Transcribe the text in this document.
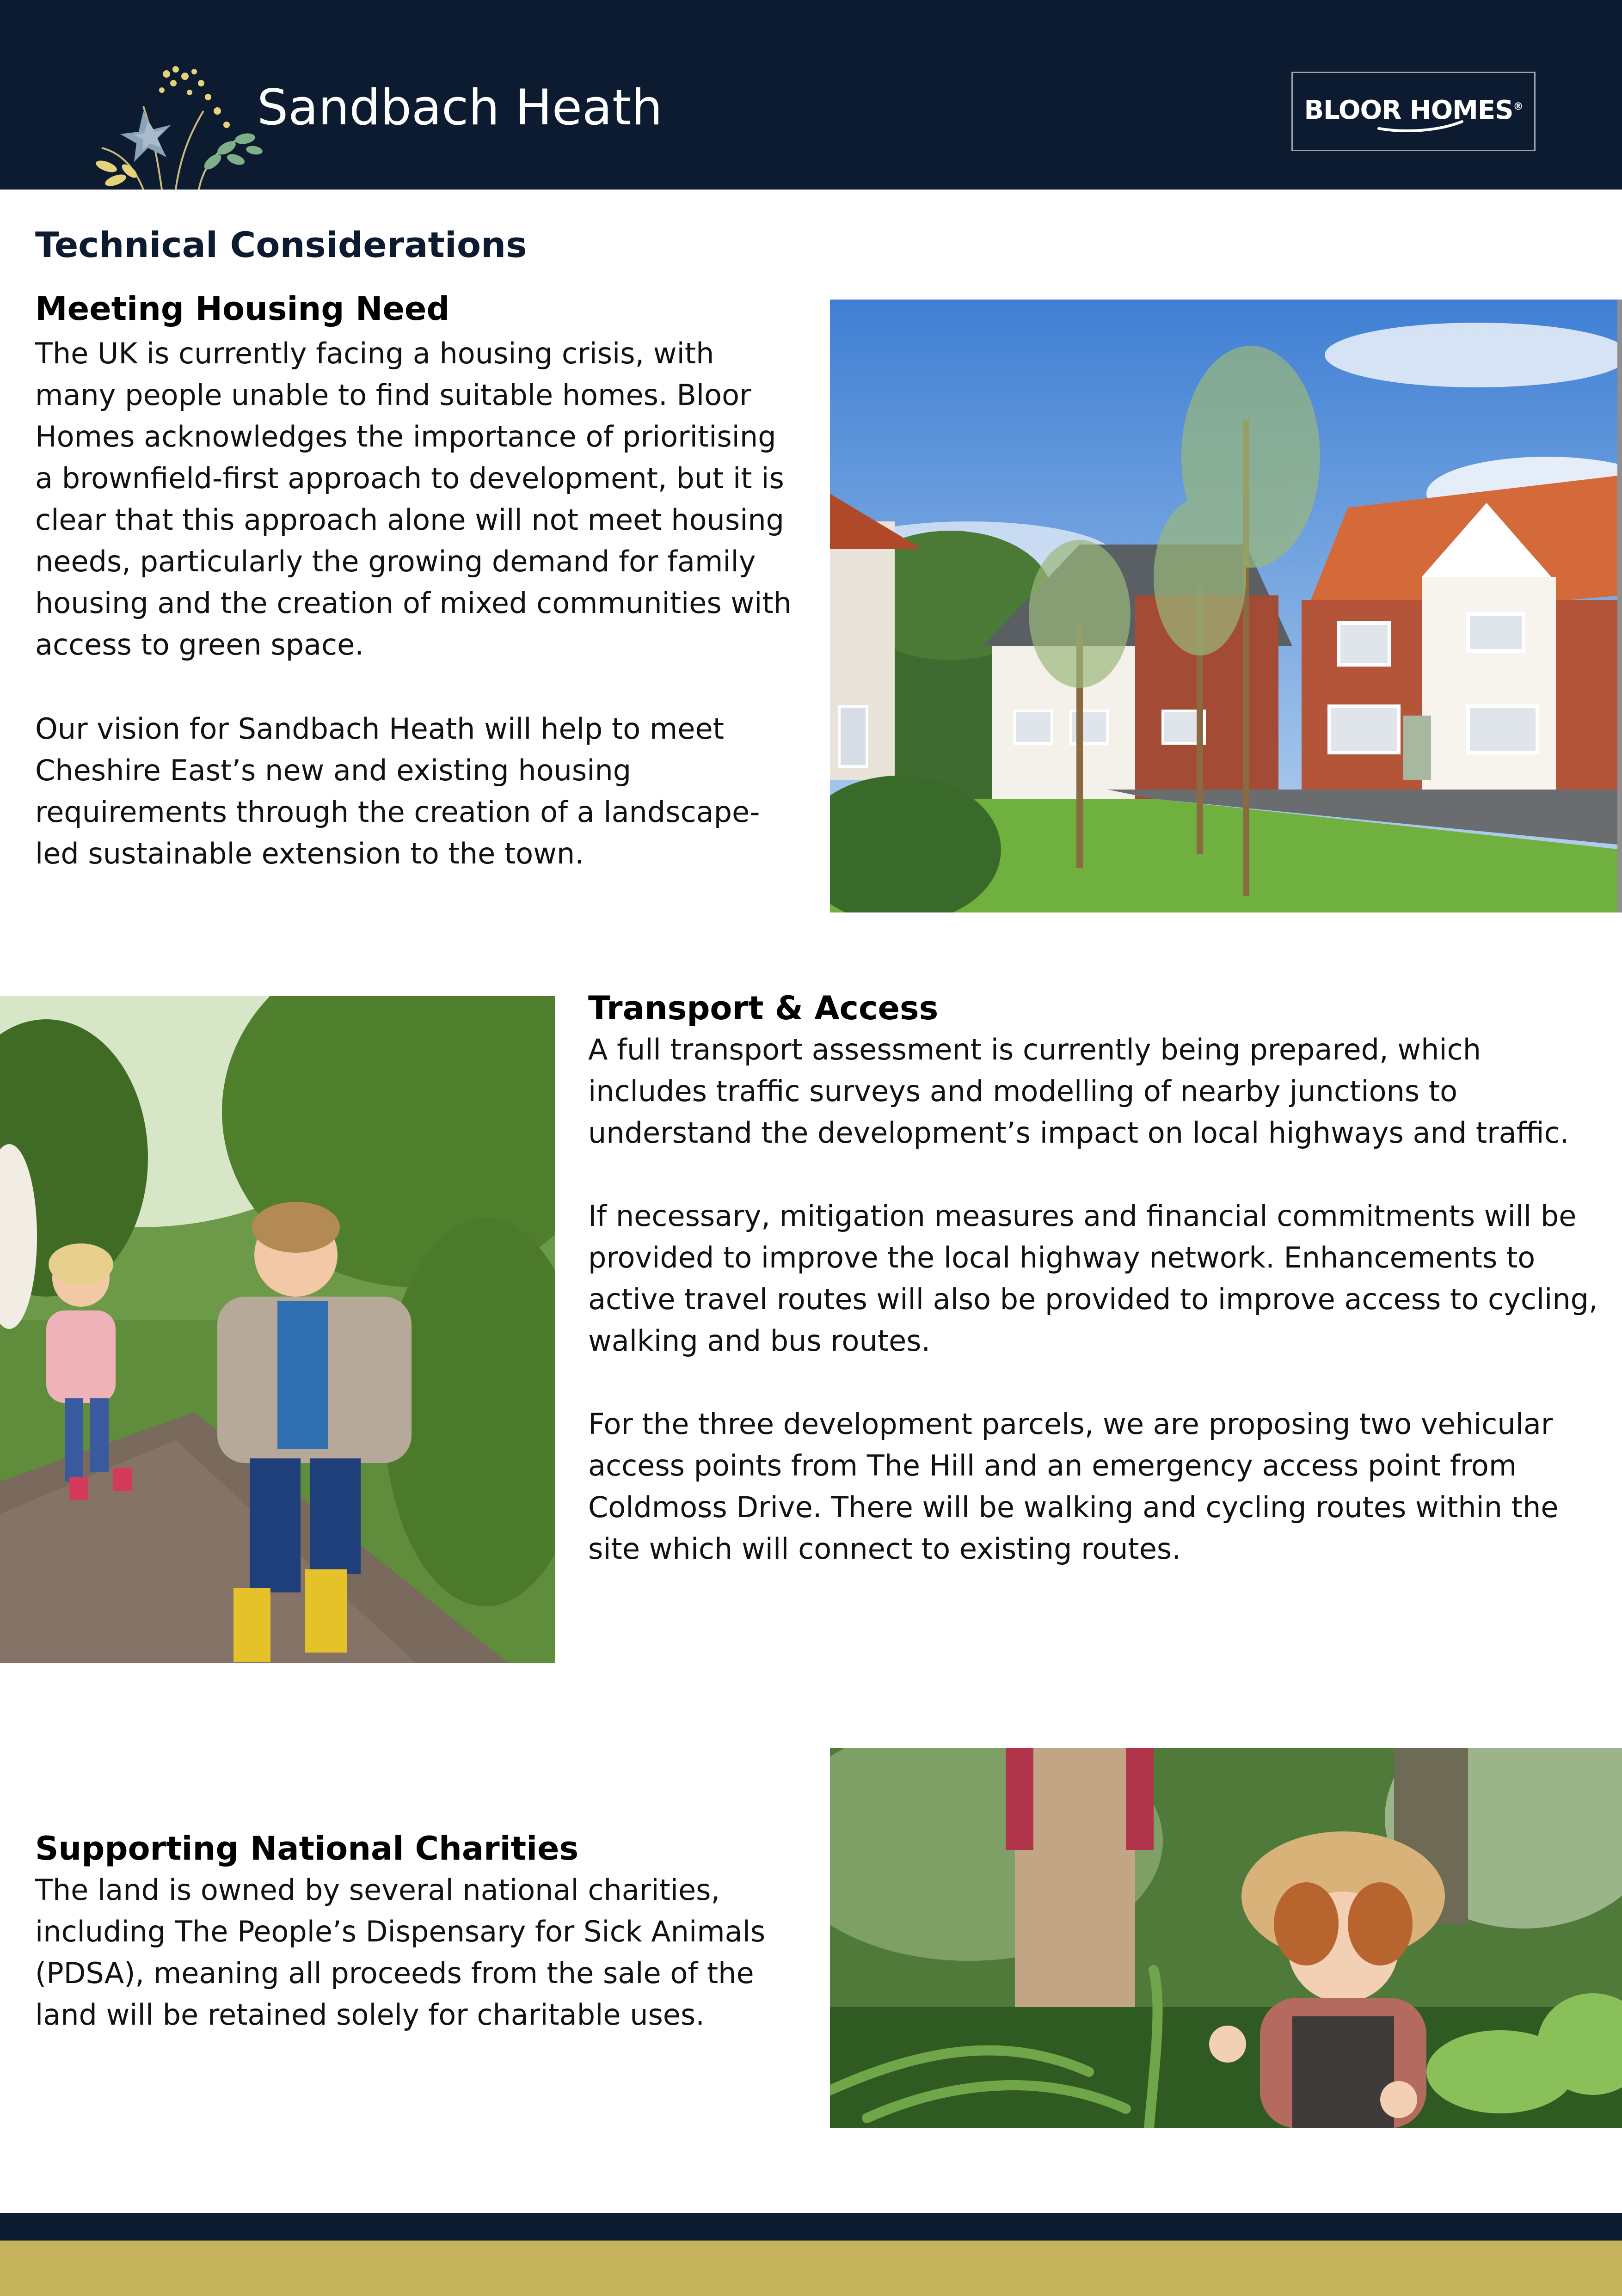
Sandbach Heath	BLOOR HOMES®
Technical Considerations
Meeting Housing Need

The UK is currently facing a housing crisis, with many people unable to find suitable homes. Bloor Homes acknowledges the importance of prioritising a brownfield-first approach to development, but it is clear that this approach alone will not meet housing needs, particularly the growing demand for family housing and the creation of mixed communities with access to green space.

Our vision for Sandbach Heath will help to meet Cheshire East’s new and existing housing requirements through the creation of a landscape-led sustainable extension to the town.

Transport & Access

A full transport assessment is currently being prepared, which includes traffic surveys and modelling of nearby junctions to understand the development’s impact on local highways and traffic.

If necessary, mitigation measures and financial commitments will be provided to improve the local highway network. Enhancements to active travel routes will also be provided to improve access to cycling, walking and bus routes.

For the three development parcels, we are proposing two vehicular access points from The Hill and an emergency access point from Coldmoss Drive. There will be walking and cycling routes within the site which will connect to existing routes.

Supporting National Charities

The land is owned by several national charities, including The People’s Dispensary for Sick Animals (PDSA), meaning all proceeds from the sale of the land will be retained solely for charitable uses.
